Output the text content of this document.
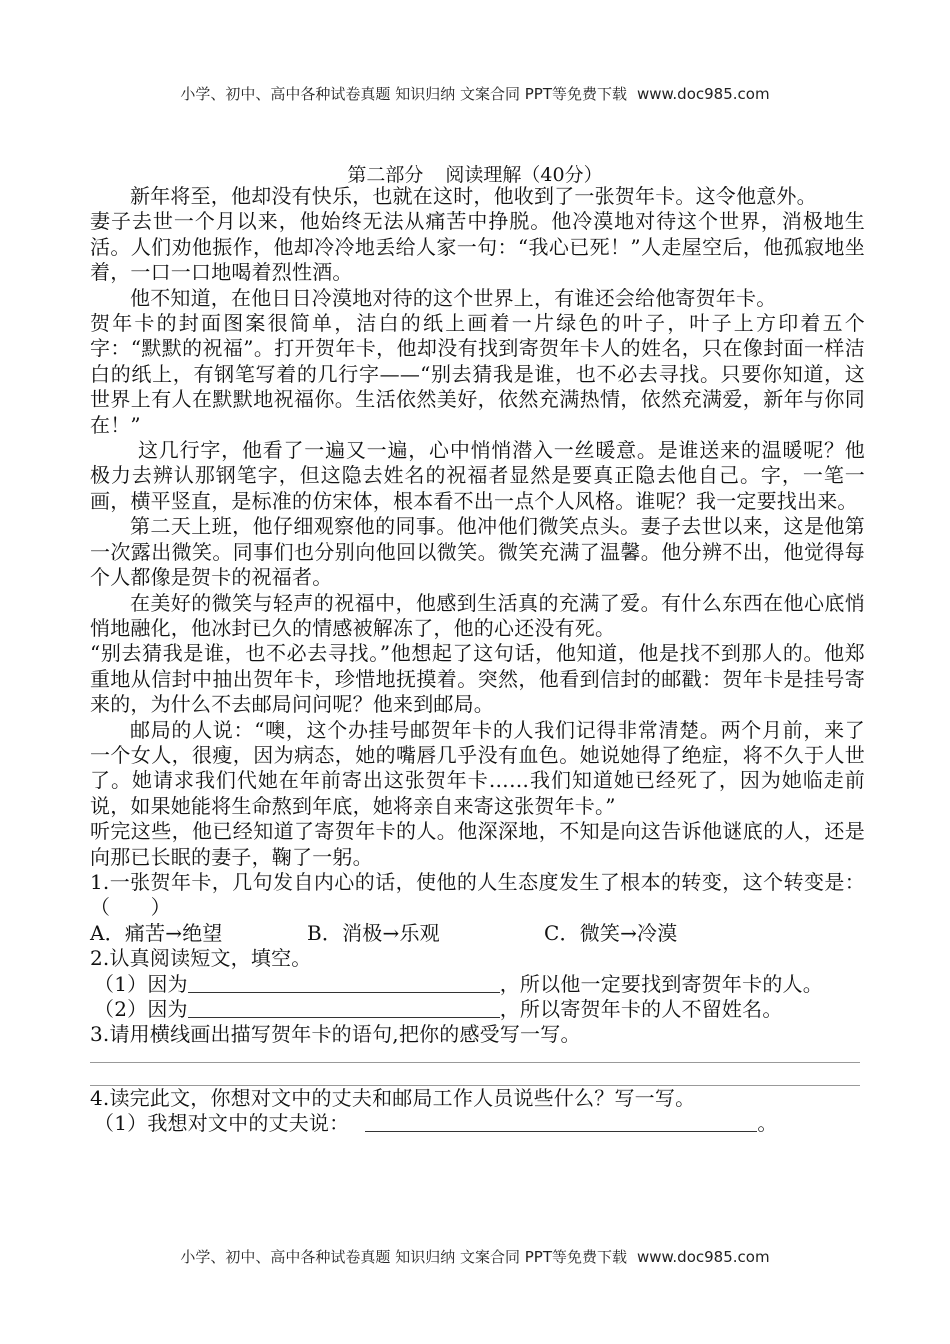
小学、初中、高中各种试卷真题 知识归纳 文案合同 PPT等免费下载 www.doc985.com
第二部分 阅读理解（40分）

新年将至，他却没有快乐，也就在这时，他收到了一张贺年卡。这令他意外。

妻子去世一个月以来，他始终无法从痛苦中挣脱。他冷漠地对待这个世界，消极地生活。人们劝他振作，他却冷冷地丢给人家一句：“我心已死！”人走屋空后，他孤寂地坐着，一口一口地喝着烈性酒。

他不知道，在他日日冷漠地对待的这个世界上，有谁还会给他寄贺年卡。

贺年卡的封面图案很简单，洁白的纸上画着一片绿色的叶子，叶子上方印着五个字：“默默的祝福”。打开贺年卡，他却没有找到寄贺年卡人的姓名，只在像封面一样洁白的纸上，有钢笔写着的几行字——“别去猜我是谁，也不必去寻找。只要你知道，这世界上有人在默默地祝福你。生活依然美好，依然充满热情，依然充满爱，新年与你同在！”

这几行字，他看了一遍又一遍，心中悄悄潜入一丝暖意。是谁送来的温暖呢？他极力去辨认那钢笔字，但这隐去姓名的祝福者显然是要真正隐去他自己。字，一笔一画，横平竖直，是标准的仿宋体，根本看不出一点个人风格。谁呢？我一定要找出来。

第二天上班，他仔细观察他的同事。他冲他们微笑点头。妻子去世以来，这是他第一次露出微笑。同事们也分别向他回以微笑。微笑充满了温馨。他分辨不出，他觉得每个人都像是贺卡的祝福者。

在美好的微笑与轻声的祝福中，他感到生活真的充满了爱。有什么东西在他心底悄悄地融化，他冰封已久的情感被解冻了，他的心还没有死。

“别去猜我是谁，也不必去寻找。”他想起了这句话，他知道，他是找不到那人的。他郑重地从信封中抽出贺年卡，珍惜地抚摸着。突然，他看到信封的邮戳：贺年卡是挂号寄来的，为什么不去邮局问问呢？他来到邮局。

邮局的人说：“噢，这个办挂号邮贺年卡的人我们记得非常清楚。两个月前，来了一个女人，很瘦，因为病态，她的嘴唇几乎没有血色。她说她得了绝症，将不久于人世了。她请求我们代她在年前寄出这张贺年卡……我们知道她已经死了，因为她临走前说，如果她能将生命熬到年底，她将亲自来寄这张贺年卡。”

听完这些，他已经知道了寄贺年卡的人。他深深地，不知是向这告诉他谜底的人，还是向那已长眠的妻子，鞠了一躬。

1.一张贺年卡，几句发自内心的话，使他的人生态度发生了根本的转变，这个转变是：（　　）

A．痛苦→绝望	B．消极→乐观	C．微笑→冷漠

2.认真阅读短文，填空。

（1）因为	，所以他一定要找到寄贺年卡的人。
（2）因为	，所以寄贺年卡的人不留姓名。

3.请用横线画出描写贺年卡的语句,把你的感受写一写。

4.读完此文，你想对文中的丈夫和邮局工作人员说些什么？写一写。

（1）我想对文中的丈夫说：	。
小学、初中、高中各种试卷真题 知识归纳 文案合同 PPT等免费下载 www.doc985.com
